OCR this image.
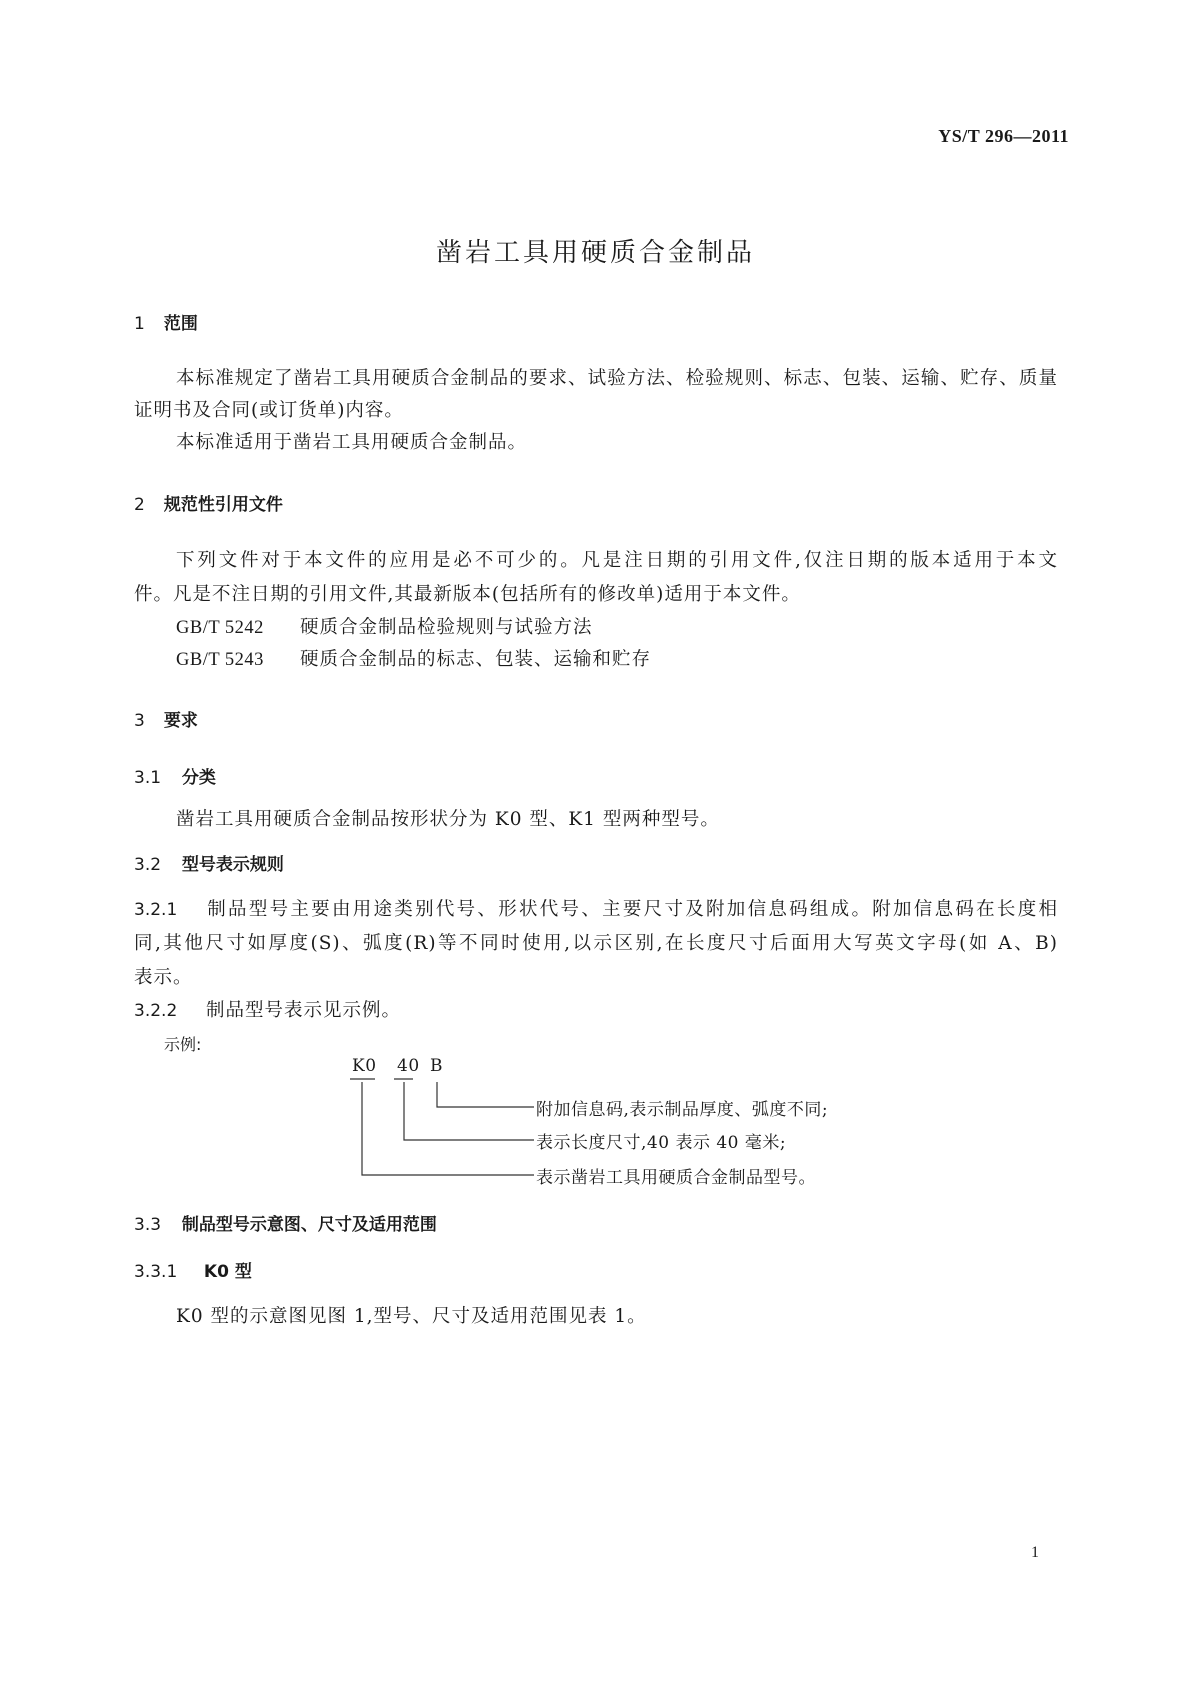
YS/T 296—2011
凿岩工具用硬质合金制品
1 范围
本标准规定了凿岩工具用硬质合金制品的要求、试验方法、检验规则、标志、包装、运输、贮存、质量
证明书及合同(或订货单)内容。
本标准适用于凿岩工具用硬质合金制品。
2 规范性引用文件
下列文件对于本文件的应用是必不可少的。凡是注日期的引用文件,仅注日期的版本适用于本文
件。凡是不注日期的引用文件,其最新版本(包括所有的修改单)适用于本文件。
GB/T 5242 硬质合金制品检验规则与试验方法
GB/T 5243 硬质合金制品的标志、包装、运输和贮存
3 要求
3.1 分类
凿岩工具用硬质合金制品按形状分为 K0 型、K1 型两种型号。
3.2 型号表示规则
3.2.1 制品型号主要由用途类别代号、形状代号、主要尺寸及附加信息码组成。附加信息码在长度相
同,其他尺寸如厚度(S)、弧度(R)等不同时使用,以示区别,在长度尺寸后面用大写英文字母(如 A、B)
表示。
3.2.2 制品型号表示见示例。
示例:
K0 40 B
附加信息码,表示制品厚度、弧度不同;
表示长度尺寸,40 表示 40 毫米;
表示凿岩工具用硬质合金制品型号。
3.3 制品型号示意图、尺寸及适用范围
3.3.1 K0 型
K0 型的示意图见图 1,型号、尺寸及适用范围见表 1。
1
